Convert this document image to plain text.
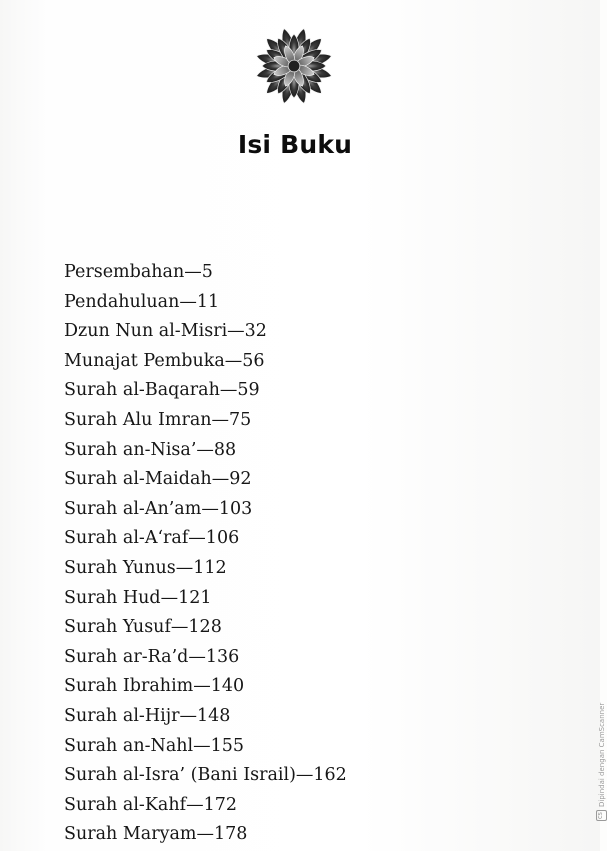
Isi Buku
Persembahan—5
Pendahuluan—11
Dzun Nun al-Misri—32
Munajat Pembuka—56
Surah al-Baqarah—59
Surah Alu Imran—75
Surah an-Nisa’—88
Surah al-Maidah—92
Surah al-An’am—103
Surah al-A‘raf—106
Surah Yunus—112
Surah Hud—121
Surah Yusuf—128
Surah ar-Ra’d—136
Surah Ibrahim—140
Surah al-Hijr—148
Surah an-Nahl—155
Surah al-Isra’ (Bani Israil)—162
Surah al-Kahf—172
Surah Maryam—178
CS
Dipindai dengan CamScanner
